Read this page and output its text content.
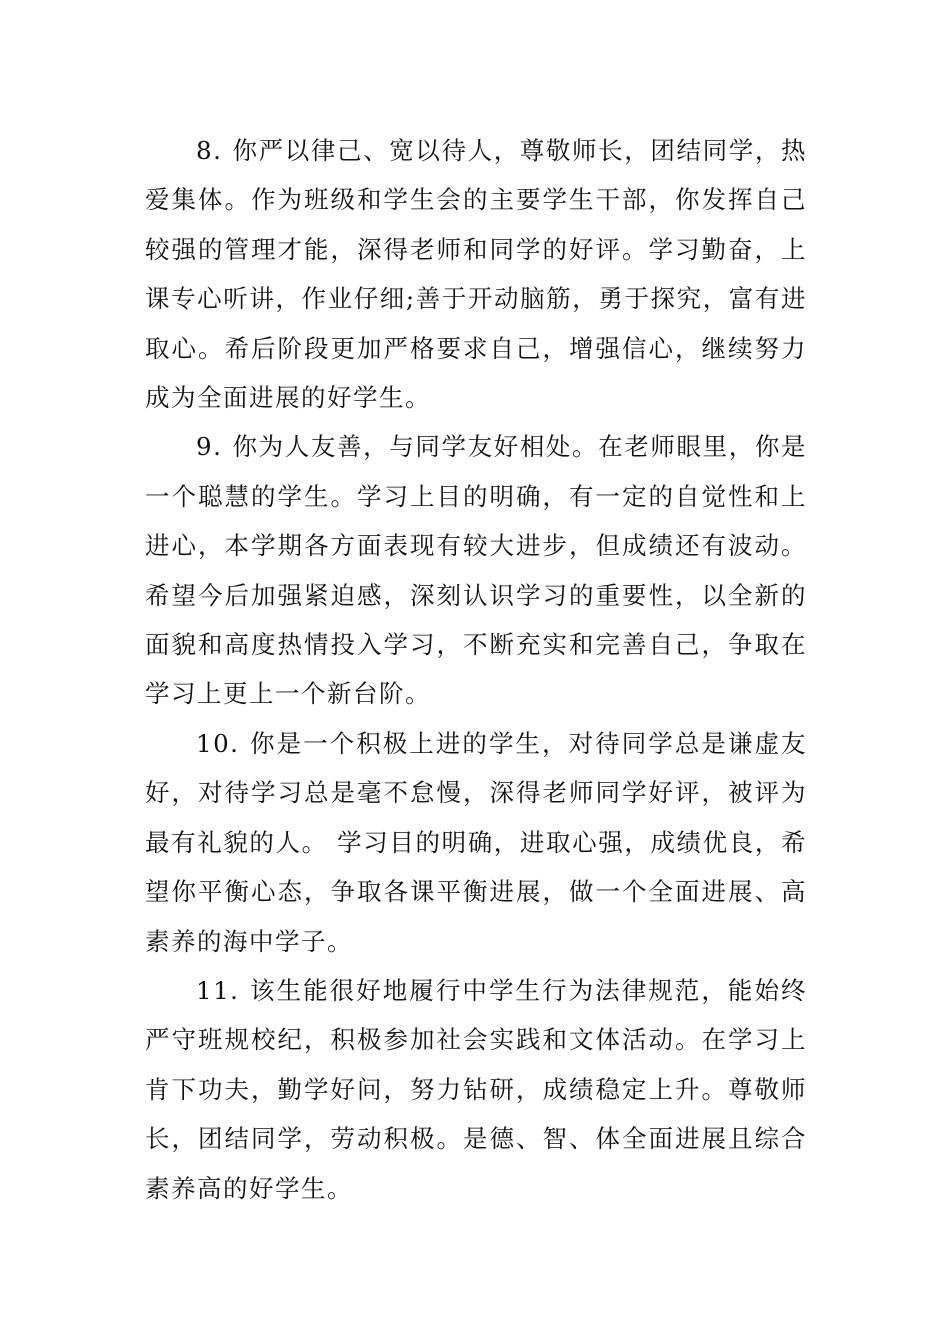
8. 你严以律己、宽以待人，尊敬师长，团结同学，热爱集体。作为班级和学生会的主要学生干部，你发挥自己较强的管理才能，深得老师和同学的好评。学习勤奋，上课专心听讲，作业仔细;善于开动脑筋，勇于探究，富有进取心。希后阶段更加严格要求自己，增强信心，继续努力成为全面进展的好学生。

9. 你为人友善，与同学友好相处。在老师眼里，你是一个聪慧的学生。学习上目的明确，有一定的自觉性和上进心，本学期各方面表现有较大进步，但成绩还有波动。希望今后加强紧迫感，深刻认识学习的重要性，以全新的面貌和高度热情投入学习，不断充实和完善自己，争取在学习上更上一个新台阶。

10. 你是一个积极上进的学生，对待同学总是谦虚友好，对待学习总是毫不怠慢，深得老师同学好评，被评为最有礼貌的人。 学习目的明确，进取心强，成绩优良，希望你平衡心态，争取各课平衡进展，做一个全面进展、高素养的海中学子。

11. 该生能很好地履行中学生行为法律规范，能始终严守班规校纪，积极参加社会实践和文体活动。在学习上肯下功夫，勤学好问，努力钻研，成绩稳定上升。尊敬师长，团结同学，劳动积极。是德、智、体全面进展且综合素养高的好学生。
